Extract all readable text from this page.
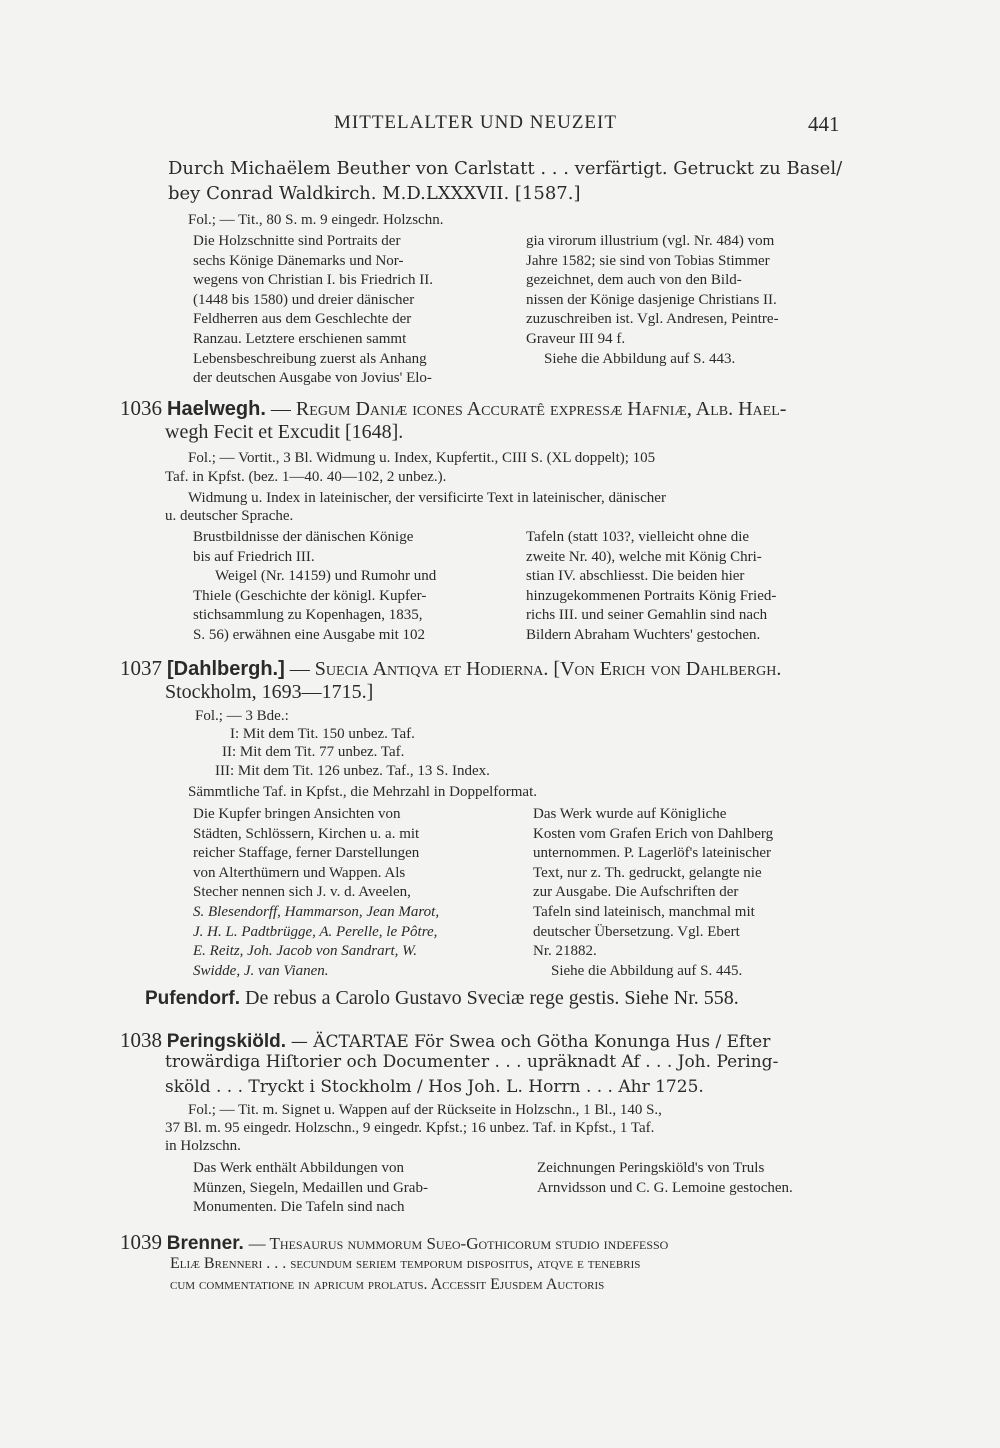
MITTELALTER UND NEUZEIT	441
Durch Michaëlem Beuther von Carlstatt . . . verfärtigt. Getruckt zu Basel/
bey Conrad Waldkirch. M.D.LXXXVII. [1587.]
Fol.; — Tit., 80 S. m. 9 eingedr. Holzschn.

Die Holzschnitte sind Portraits der

sechs Könige Dänemarks und Nor-

wegens von Christian I. bis Friedrich II.

(1448 bis 1580) und dreier dänischer

Feldherren aus dem Geschlechte der

Ranzau. Letztere erschienen sammt

Lebensbeschreibung zuerst als Anhang

der deutschen Ausgabe von Jovius' Elo-

gia virorum illustrium (vgl. Nr. 484) vom

Jahre 1582; sie sind von Tobias Stimmer

gezeichnet, dem auch von den Bild-

nissen der Könige dasjenige Christians II.

zuzuschreiben ist. Vgl. Andresen, Peintre-

Graveur III 94 f.

Siehe die Abbildung auf S. 443.

1036 Haelwegh. — Regum Daniæ icones Accuratê expreſſæ Hafniæ, Alb. Hael-
wegh Fecit et Excudit [1648].
Fol.; — Vortit., 3 Bl. Widmung u. Index, Kupfertit., CIII S. (XL doppelt); 105
Taf. in Kpfst. (bez. 1—40. 40—102, 2 unbez.).
Widmung u. Index in lateinischer, der versificirte Text in lateinischer, dänischer
u. deutscher Sprache.

Brustbildnisse der dänischen Könige

bis auf Friedrich III.

Weigel (Nr. 14159) und Rumohr und

Thiele (Geschichte der königl. Kupfer-

stichsammlung zu Kopenhagen, 1835,

S. 56) erwähnen eine Ausgabe mit 102

Tafeln (statt 103?, vielleicht ohne die

zweite Nr. 40), welche mit König Chri-

stian IV. abschliesst. Die beiden hier

hinzugekommenen Portraits König Fried-

richs III. und seiner Gemahlin sind nach

Bildern Abraham Wuchters' gestochen.

1037 [Dahlbergh.] — Suecia Antiqva et Hodierna. [Von Erich von Dahlbergh.
Stockholm, 1693—1715.]
Fol.; — 3 Bde.:
I: Mit dem Tit. 150 unbez. Taf.
II: Mit dem Tit. 77 unbez. Taf.
III: Mit dem Tit. 126 unbez. Taf., 13 S. Index.
Sämmtliche Taf. in Kpfst., die Mehrzahl in Doppelformat.

Die Kupfer bringen Ansichten von

Städten, Schlössern, Kirchen u. a. mit

reicher Staffage, ferner Darstellungen

von Alterthümern und Wappen. Als

Stecher nennen sich J. v. d. Aveelen,

S. Blesendorff, Hammarson, Jean Marot,

J. H. L. Padtbrügge, A. Perelle, le Pôtre,

E. Reitz, Joh. Jacob von Sandrart, W.

Swidde, J. van Vianen.

Das Werk wurde auf Königliche

Kosten vom Grafen Erich von Dahlberg

unternommen. P. Lagerlöf's lateinischer

Text, nur z. Th. gedruckt, gelangte nie

zur Ausgabe. Die Aufschriften der

Tafeln sind lateinisch, manchmal mit

deutscher Übersetzung. Vgl. Ebert

Nr. 21882.

Siehe die Abbildung auf S. 445.

Pufendorf. De rebus a Carolo Gustavo Sveciæ rege gestis. Siehe Nr. 558.
1038 Peringskiöld. — ÄCTARTAE För Swea och Götha Konunga Hus / Efter
trowärdiga Hiſtorier och Documenter . . . upräknadt Af . . . Joh. Pering-
sköld . . . Tryckt i Stockholm / Hos Joh. L. Horrn . . . Ahr 1725.
Fol.; — Tit. m. Signet u. Wappen auf der Rückseite in Holzschn., 1 Bl., 140 S.,
37 Bl. m. 95 eingedr. Holzschn., 9 eingedr. Kpfst.; 16 unbez. Taf. in Kpfst., 1 Taf.
in Holzschn.

Das Werk enthält Abbildungen von

Münzen, Siegeln, Medaillen und Grab-

Monumenten. Die Tafeln sind nach

Zeichnungen Peringskiöld's von Truls

Arnvidsson und C. G. Lemoine gestochen.

1039 Brenner. — Thesaurus nummorum Sueo-Gothicorum studio indefesso
Eliæ Brenneri . . . secundum seriem temporum dispositus, atqve e tenebris
cum commentatione in apricum prolatus. Acceſſit Ejusdem Auctoris
